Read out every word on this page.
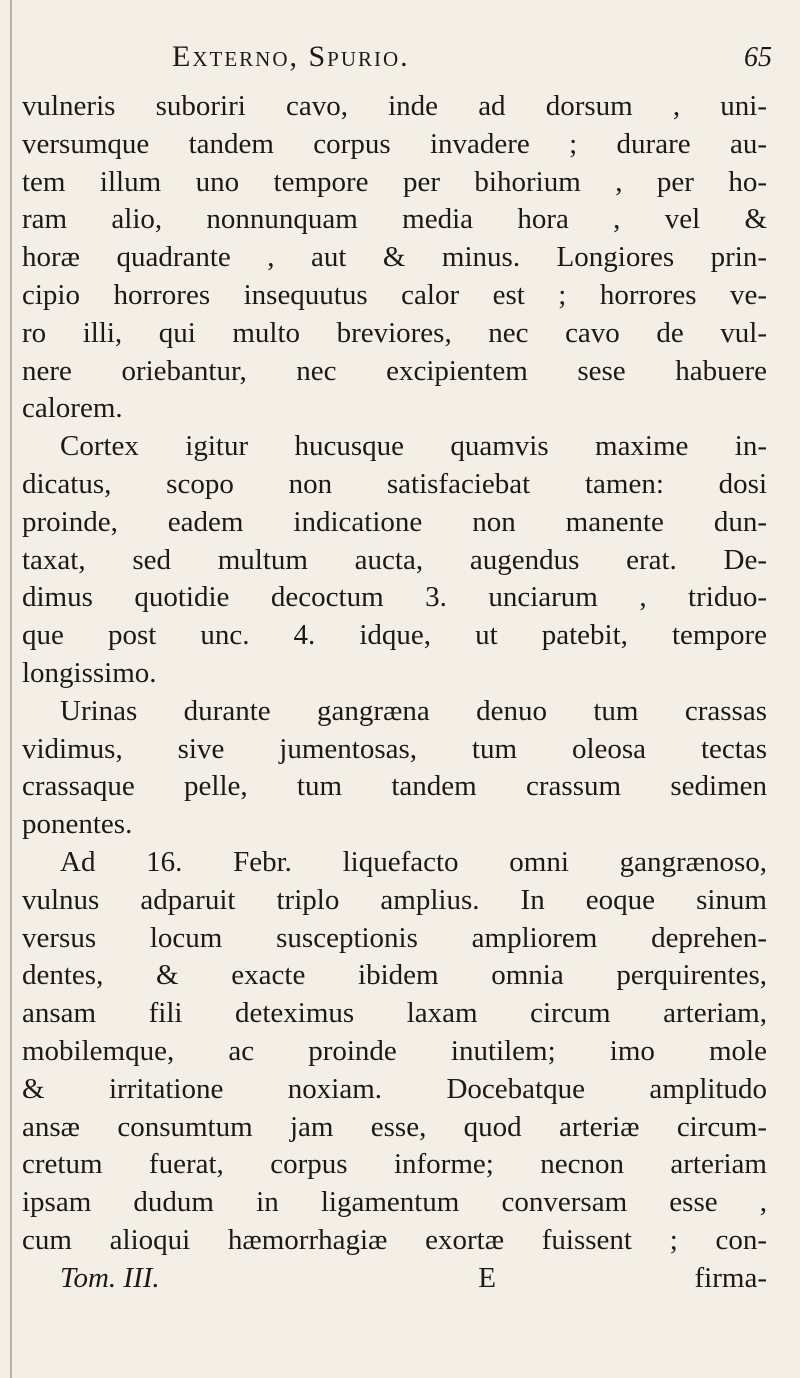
Externo, Spurio.	65
vulneris suboriri cavo, inde ad dorsum , uni-
versumque tandem corpus invadere ; durare au-
tem illum uno tempore per bihorium , per ho-
ram alio, nonnunquam media hora , vel &
horæ quadrante , aut & minus. Longiores prin-
cipio horrores insequutus calor est ; horrores ve-
ro illi, qui multo breviores, nec cavo de vul-
nere oriebantur, nec excipientem sese habuere
calorem.
Cortex igitur hucusque quamvis maxime in-
dicatus, scopo non satisfaciebat tamen: dosi
proinde, eadem indicatione non manente dun-
taxat, sed multum aucta, augendus erat. De-
dimus quotidie decoctum 3. unciarum , triduo-
que post unc. 4. idque, ut patebit, tempore
longissimo.
Urinas durante gangræna denuo tum crassas
vidimus, sive jumentosas, tum oleosa tectas
crassaque pelle, tum tandem crassum sedimen
ponentes.
Ad 16. Febr. liquefacto omni gangrænoso,
vulnus adparuit triplo amplius. In eoque sinum
versus locum susceptionis ampliorem deprehen-
dentes, & exacte ibidem omnia perquirentes,
ansam fili deteximus laxam circum arteriam,
mobilemque, ac proinde inutilem; imo mole
& irritatione noxiam. Docebatque amplitudo
ansæ consumtum jam esse, quod arteriæ circum-
cretum fuerat, corpus informe; necnon arteriam
ipsam dudum in ligamentum conversam esse ,
cum alioqui hæmorrhagiæ exortæ fuissent ; con-
Tom. III.	E	firma-
